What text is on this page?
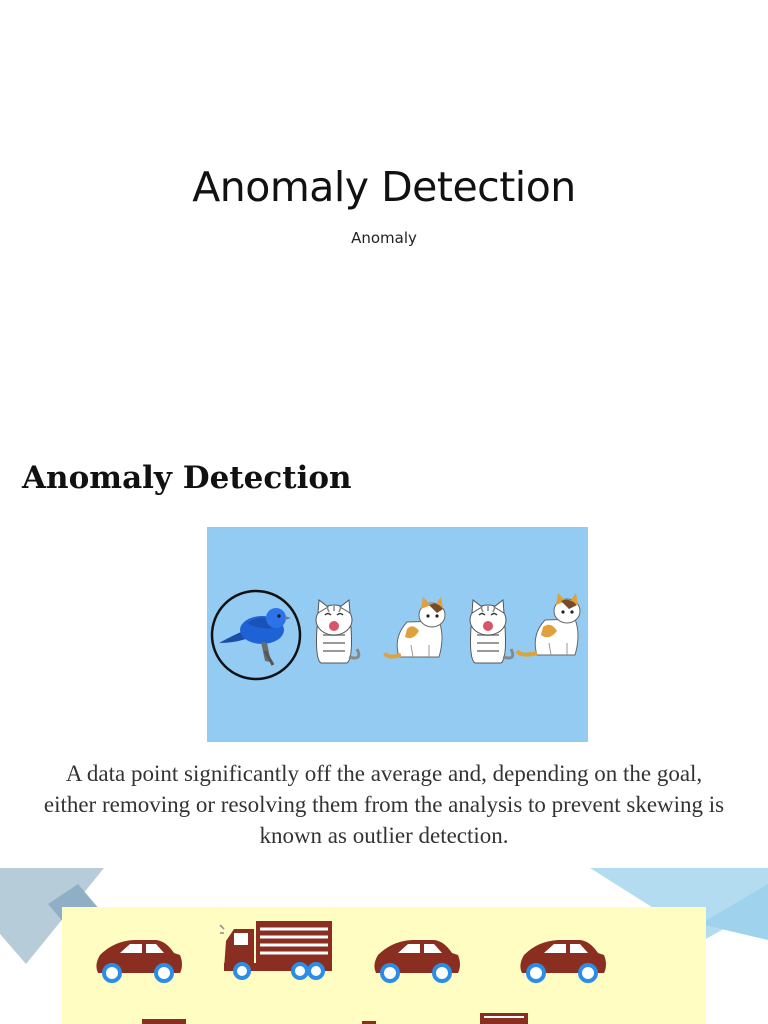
Anomaly Detection
Anomaly
Anomaly Detection
A data point significantly off the average and, depending on the goal, either removing or resolving them from the analysis to prevent skewing is known as outlier detection.
